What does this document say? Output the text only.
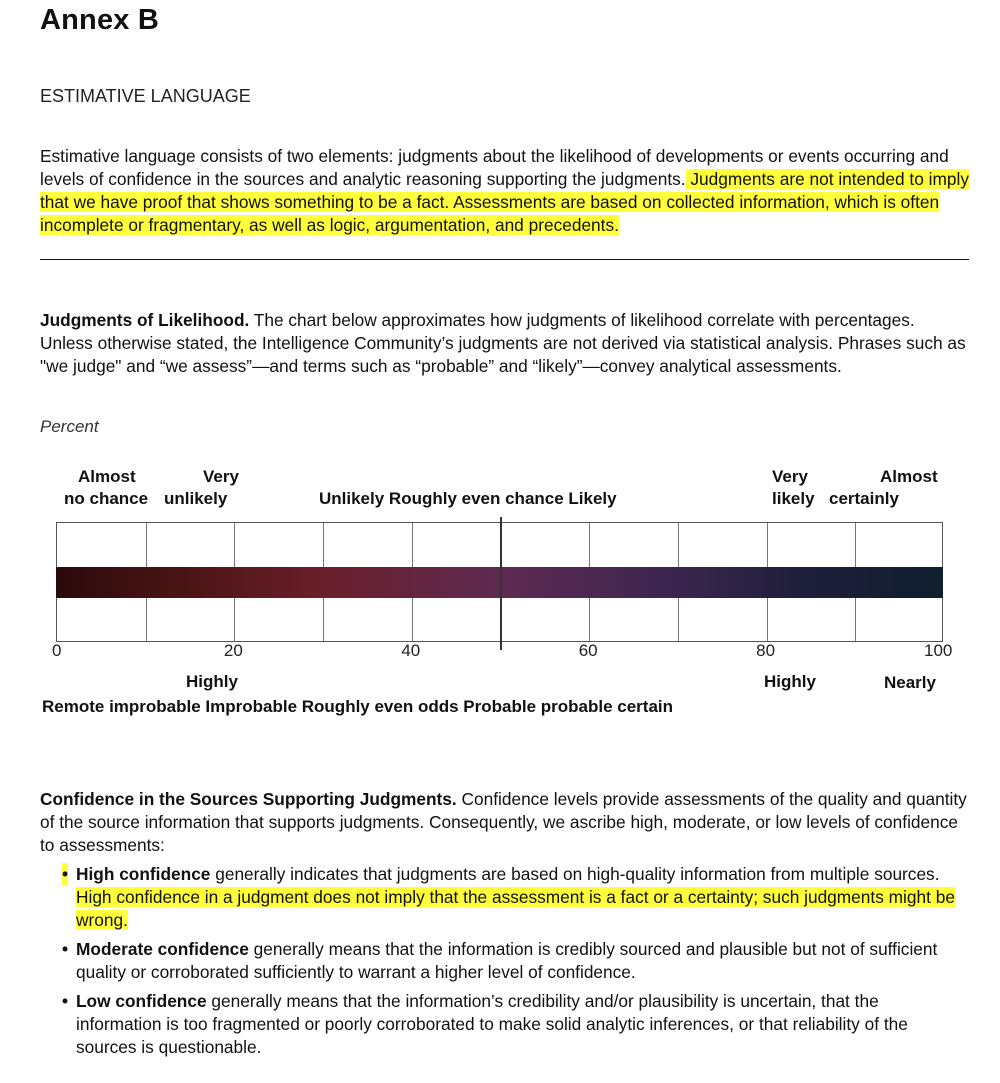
Annex B

ESTIMATIVE LANGUAGE

Estimative language consists of two elements: judgments about the likelihood of developments or events occurring and levels of confidence in the sources and analytic reasoning supporting the judgments. Judgments are not intended to imply that we have proof that shows something to be a fact. Assessments are based on collected information, which is often incomplete or fragmentary, as well as logic, argumentation, and precedents.

Judgments of Likelihood. The chart below approximates how judgments of likelihood correlate with percentages. Unless otherwise stated, the Intelligence Community’s judgments are not derived via statistical analysis. Phrases such as "we judge" and “we assess”—and terms such as “probable” and “likely”—convey analytical assessments.

Percent

Almost

no chance

Very

unlikely	Unlikely Roughly even chance Likely

Very

likely

Almost

certainly

0	20	40	60	80	100

Highly	Highly	Nearly

Remote improbable Improbable Roughly even odds Probable probable certain

Confidence in the Sources Supporting Judgments. Confidence levels provide assessments of the quality and quantity of the source information that supports judgments. Consequently, we ascribe high, moderate, or low levels of confidence to assessments:

• High confidence generally indicates that judgments are based on high-quality information from multiple sources. High confidence in a judgment does not imply that the assessment is a fact or a certainty; such judgments might be wrong.
• Moderate confidence generally means that the information is credibly sourced and plausible but not of sufficient quality or corroborated sufficiently to warrant a higher level of confidence.
• Low confidence generally means that the information’s credibility and/or plausibility is uncertain, that the information is too fragmented or poorly corroborated to make solid analytic inferences, or that reliability of the sources is questionable.
